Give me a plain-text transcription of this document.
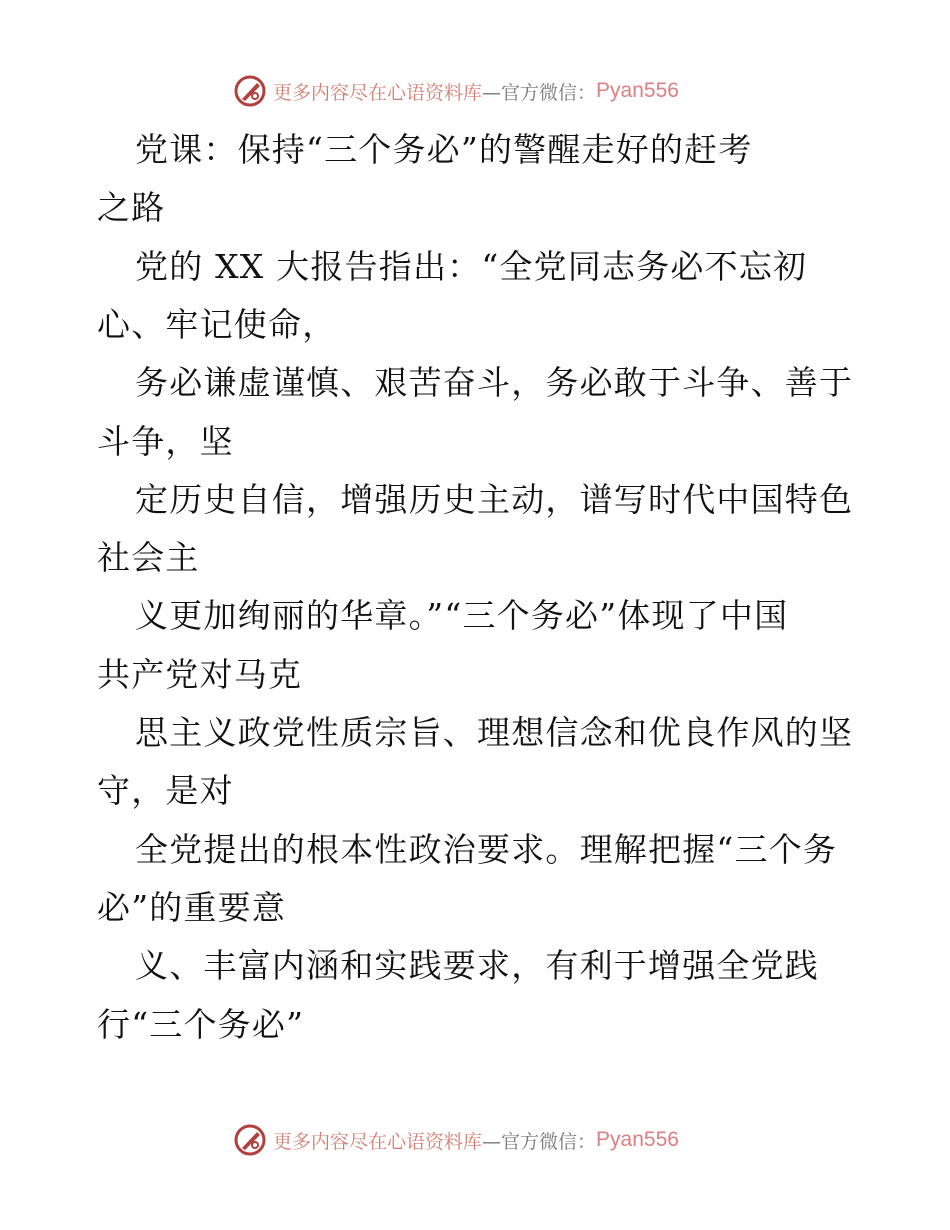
更多内容尽在心语资料库 —官方微信： Pyan556
党课：保持“三个务必”的警醒走好的赶考
之路
党的 XX 大报告指出：“全党同志务必不忘初
心、牢记使命，
务必谦虚谨慎、艰苦奋斗，务必敢于斗争、善于
斗争，坚
定历史自信，增强历史主动，谱写时代中国特色
社会主
义更加绚丽的华章。”“三个务必”体现了中国
共产党对马克
思主义政党性质宗旨、理想信念和优良作风的坚
守，是对
全党提出的根本性政治要求。理解把握“三个务
必”的重要意
义、丰富内涵和实践要求，有利于增强全党践
行“三个务必”
更多内容尽在心语资料库 —官方微信： Pyan556
